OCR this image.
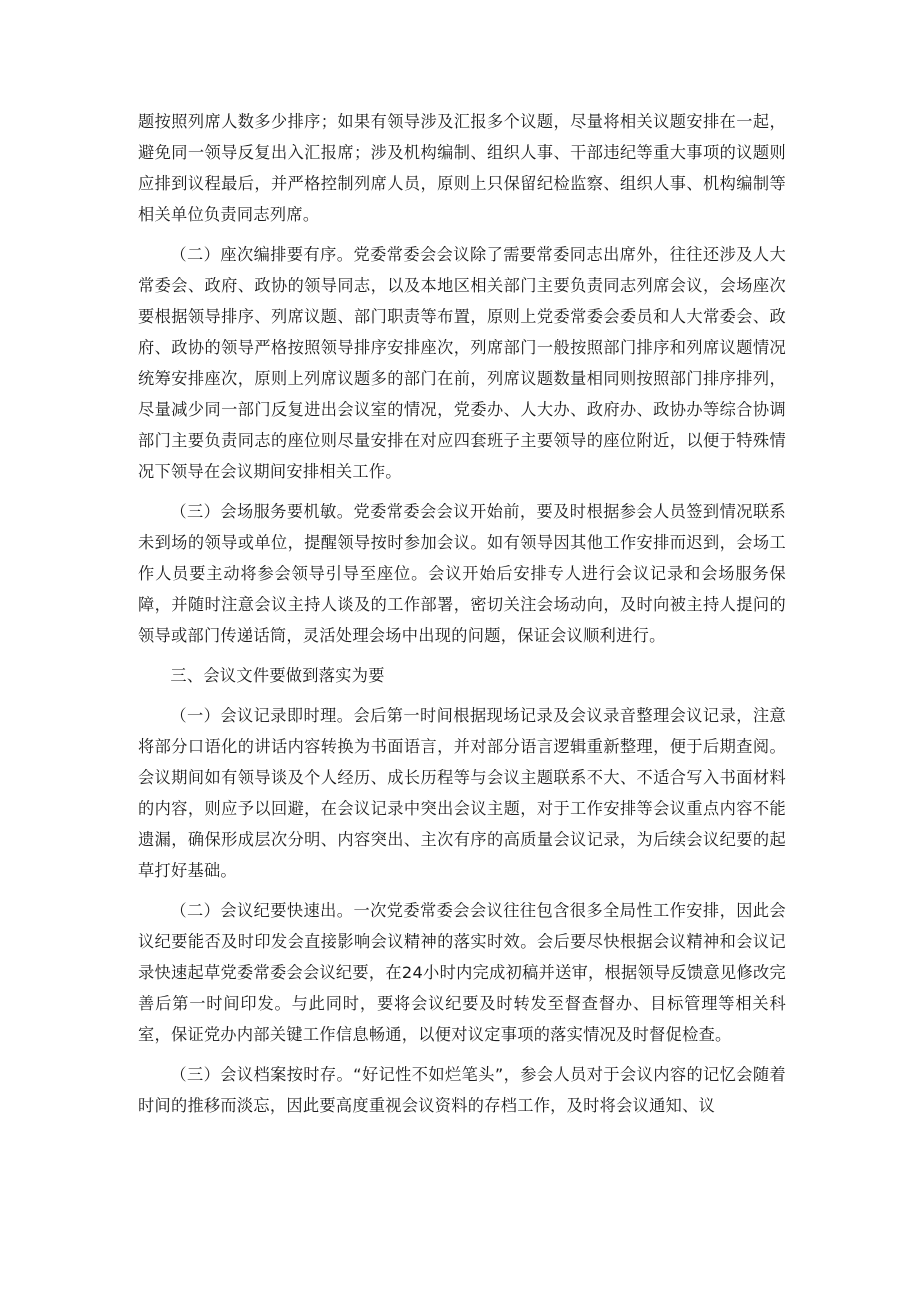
题按照列席人数多少排序；如果有领导涉及汇报多个议题，尽量将相关议题安排在一起，避免同一领导反复出入汇报席；涉及机构编制、组织人事、干部违纪等重大事项的议题则应排到议程最后，并严格控制列席人员，原则上只保留纪检监察、组织人事、机构编制等相关单位负责同志列席。

（二）座次编排要有序。党委常委会会议除了需要常委同志出席外，往往还涉及人大常委会、政府、政协的领导同志，以及本地区相关部门主要负责同志列席会议，会场座次要根据领导排序、列席议题、部门职责等布置，原则上党委常委会委员和人大常委会、政府、政协的领导严格按照领导排序安排座次，列席部门一般按照部门排序和列席议题情况统筹安排座次，原则上列席议题多的部门在前，列席议题数量相同则按照部门排序排列，尽量减少同一部门反复进出会议室的情况，党委办、人大办、政府办、政协办等综合协调部门主要负责同志的座位则尽量安排在对应四套班子主要领导的座位附近，以便于特殊情况下领导在会议期间安排相关工作。

（三）会场服务要机敏。党委常委会会议开始前，要及时根据参会人员签到情况联系未到场的领导或单位，提醒领导按时参加会议。如有领导因其他工作安排而迟到，会场工作人员要主动将参会领导引导至座位。会议开始后安排专人进行会议记录和会场服务保障，并随时注意会议主持人谈及的工作部署，密切关注会场动向，及时向被主持人提问的领导或部门传递话筒，灵活处理会场中出现的问题，保证会议顺利进行。

三、会议文件要做到落实为要

（一）会议记录即时理。会后第一时间根据现场记录及会议录音整理会议记录，注意将部分口语化的讲话内容转换为书面语言，并对部分语言逻辑重新整理，便于后期查阅。会议期间如有领导谈及个人经历、成长历程等与会议主题联系不大、不适合写入书面材料的内容，则应予以回避，在会议记录中突出会议主题，对于工作安排等会议重点内容不能遗漏，确保形成层次分明、内容突出、主次有序的高质量会议记录，为后续会议纪要的起草打好基础。

（二）会议纪要快速出。一次党委常委会会议往往包含很多全局性工作安排，因此会议纪要能否及时印发会直接影响会议精神的落实时效。会后要尽快根据会议精神和会议记录快速起草党委常委会会议纪要，在24小时内完成初稿并送审，根据领导反馈意见修改完善后第一时间印发。与此同时，要将会议纪要及时转发至督查督办、目标管理等相关科室，保证党办内部关键工作信息畅通，以便对议定事项的落实情况及时督促检查。

（三）会议档案按时存。“好记性不如烂笔头”，参会人员对于会议内容的记忆会随着时间的推移而淡忘，因此要高度重视会议资料的存档工作，及时将会议通知、议
